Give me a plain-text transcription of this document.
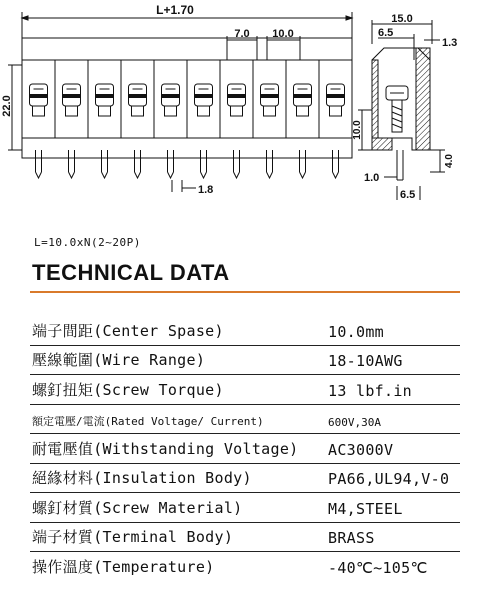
L+1.70
7.0 10.0
22.0
1.8
15.0
6.5
1.3
10.0
4.0
1.0
6.5
L=10.0xN(2~20P)
TECHNICAL DATA
端子間距(Center Spase)	10.0mm
壓線範圍(Wire Range)	18-10AWG
螺釘扭矩(Screw Torque)	13 lbf.in
額定電壓/電流(Rated Voltage/ Current)	600V,30A
耐電壓值(Withstanding Voltage) AC3000V
絕緣材料(Insulation Body)	PA66,UL94,V-0
螺釘材質(Screw Material)	M4,STEEL
端子材質(Terminal Body)	BRASS
操作溫度(Temperature)	-40℃~105℃
